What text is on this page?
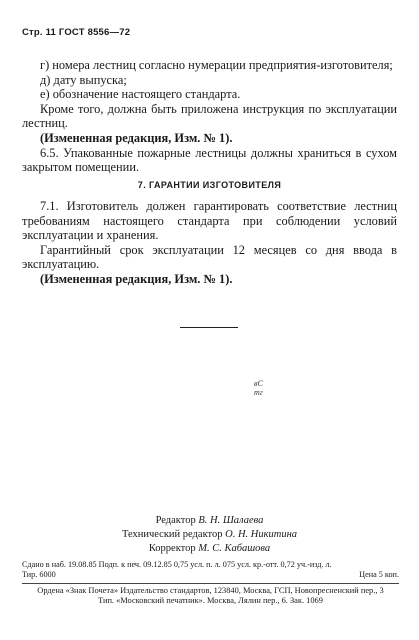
Стр. 11 ГОСТ 8556—72

г) номера лестниц согласно нумерации предприятия-изготовителя;

д) дату выпуска;

е) обозначение настоящего стандарта.

Кроме того, должна быть приложена инструкция по эксплуатации лестниц.

(Измененная редакция, Изм. № 1).

6.5. Упакованные пожарные лестницы должны храниться в сухом закрытом помещении.

7. ГАРАНТИИ ИЗГОТОВИТЕЛЯ

7.1. Изготовитель должен гарантировать соответствие лестниц требованиям настоящего стандарта при соблюдении условий эксплуатации и хранения.

Гарантийный срок эксплуатации 12 месяцев со дня ввода в эксплуатацию.

(Измененная редакция, Изм. № 1).

вС
тг
Редактор В. Н. Шалаева
Технический редактор О. Н. Никитина
Корректор М. С. Кабашова
Сдано в наб. 19.08.85 Подп. к печ. 09.12.85 0,75 усл. п. л. 075 усл. кр.-отт. 0,72 уч.-изд. л.
Тир. 6000	Цена 5 коп.
Ордена «Знак Почета» Издательство стандартов, 123840, Москва, ГСП, Новопресненский пер., 3
Тип. «Московский печатник». Москва, Лялин пер., 6. Зак. 1069
